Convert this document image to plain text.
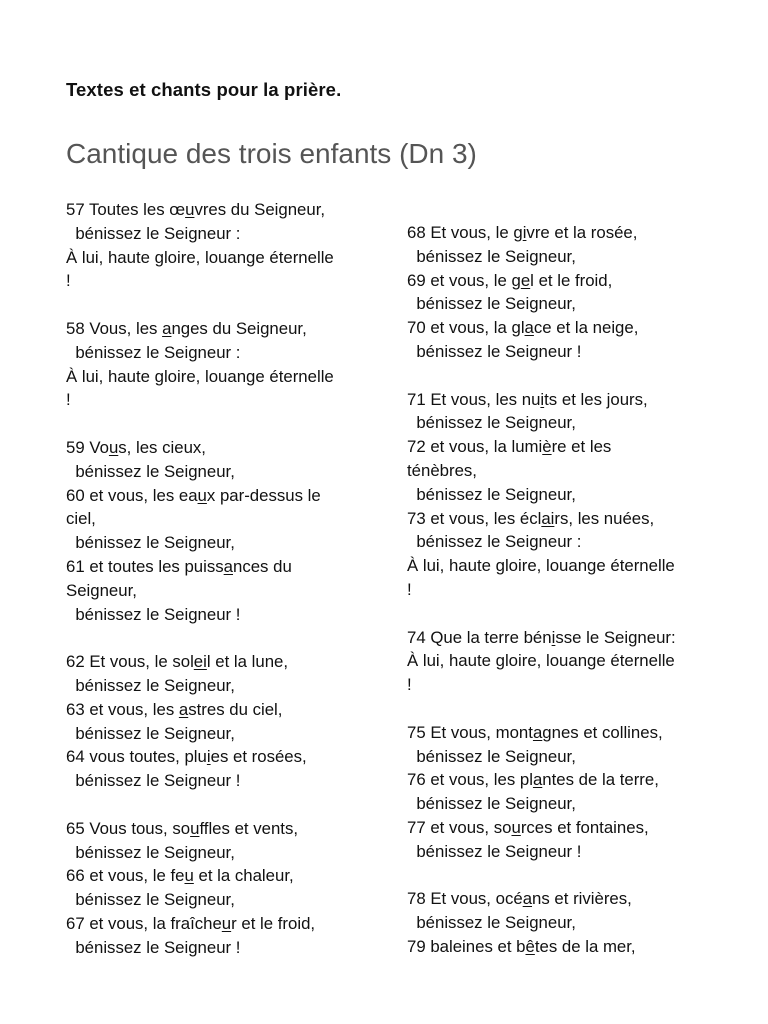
Textes et chants pour la prière.
Cantique des trois enfants (Dn 3)
57 Toutes les œuvres du Seigneur,
bénissez le Seigneur :
À lui, haute gloire, louange éternelle
!
58 Vous, les anges du Seigneur,
bénissez le Seigneur :
À lui, haute gloire, louange éternelle
!
59 Vous, les cieux,
bénissez le Seigneur,
60 et vous, les eaux par-dessus le
ciel,
bénissez le Seigneur,
61 et toutes les puissances du
Seigneur,
bénissez le Seigneur !
62 Et vous, le soleil et la lune,
bénissez le Seigneur,
63 et vous, les astres du ciel,
bénissez le Seigneur,
64 vous toutes, pluies et rosées,
bénissez le Seigneur !
65 Vous tous, souffles et vents,
bénissez le Seigneur,
66 et vous, le feu et la chaleur,
bénissez le Seigneur,
67 et vous, la fraîcheur et le froid,
bénissez le Seigneur !
68 Et vous, le givre et la rosée,
bénissez le Seigneur,
69 et vous, le gel et le froid,
bénissez le Seigneur,
70 et vous, la glace et la neige,
bénissez le Seigneur !
71 Et vous, les nuits et les jours,
bénissez le Seigneur,
72 et vous, la lumière et les
ténèbres,
bénissez le Seigneur,
73 et vous, les éclairs, les nuées,
bénissez le Seigneur :
À lui, haute gloire, louange éternelle
!
74 Que la terre bénisse le Seigneur:
À lui, haute gloire, louange éternelle
!
75 Et vous, montagnes et collines,
bénissez le Seigneur,
76 et vous, les plantes de la terre,
bénissez le Seigneur,
77 et vous, sources et fontaines,
bénissez le Seigneur !
78 Et vous, océans et rivières,
bénissez le Seigneur,
79 baleines et bêtes de la mer,
